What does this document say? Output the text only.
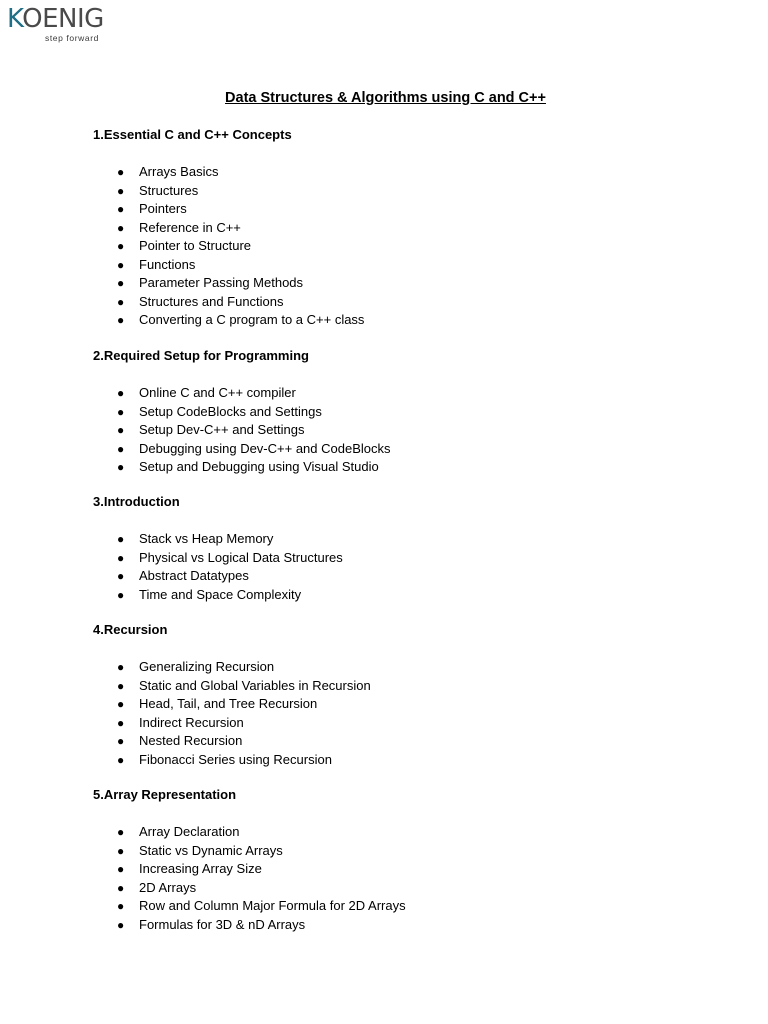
KOENIG
step forward
Data Structures & Algorithms using C and C++

1.Essential C and C++ Concepts

● Arrays Basics
● Structures
● Pointers
● Reference in C++
● Pointer to Structure
● Functions
● Parameter Passing Methods
● Structures and Functions
● Converting a C program to a C++ class

2.Required Setup for Programming

● Online C and C++ compiler
● Setup CodeBlocks and Settings
● Setup Dev-C++ and Settings
● Debugging using Dev-C++ and CodeBlocks
● Setup and Debugging using Visual Studio

3.Introduction

● Stack vs Heap Memory
● Physical vs Logical Data Structures
● Abstract Datatypes
● Time and Space Complexity

4.Recursion

● Generalizing Recursion
● Static and Global Variables in Recursion
● Head, Tail, and Tree Recursion
● Indirect Recursion
● Nested Recursion
● Fibonacci Series using Recursion

5.Array Representation

● Array Declaration
● Static vs Dynamic Arrays
● Increasing Array Size
● 2D Arrays
● Row and Column Major Formula for 2D Arrays
● Formulas for 3D & nD Arrays
